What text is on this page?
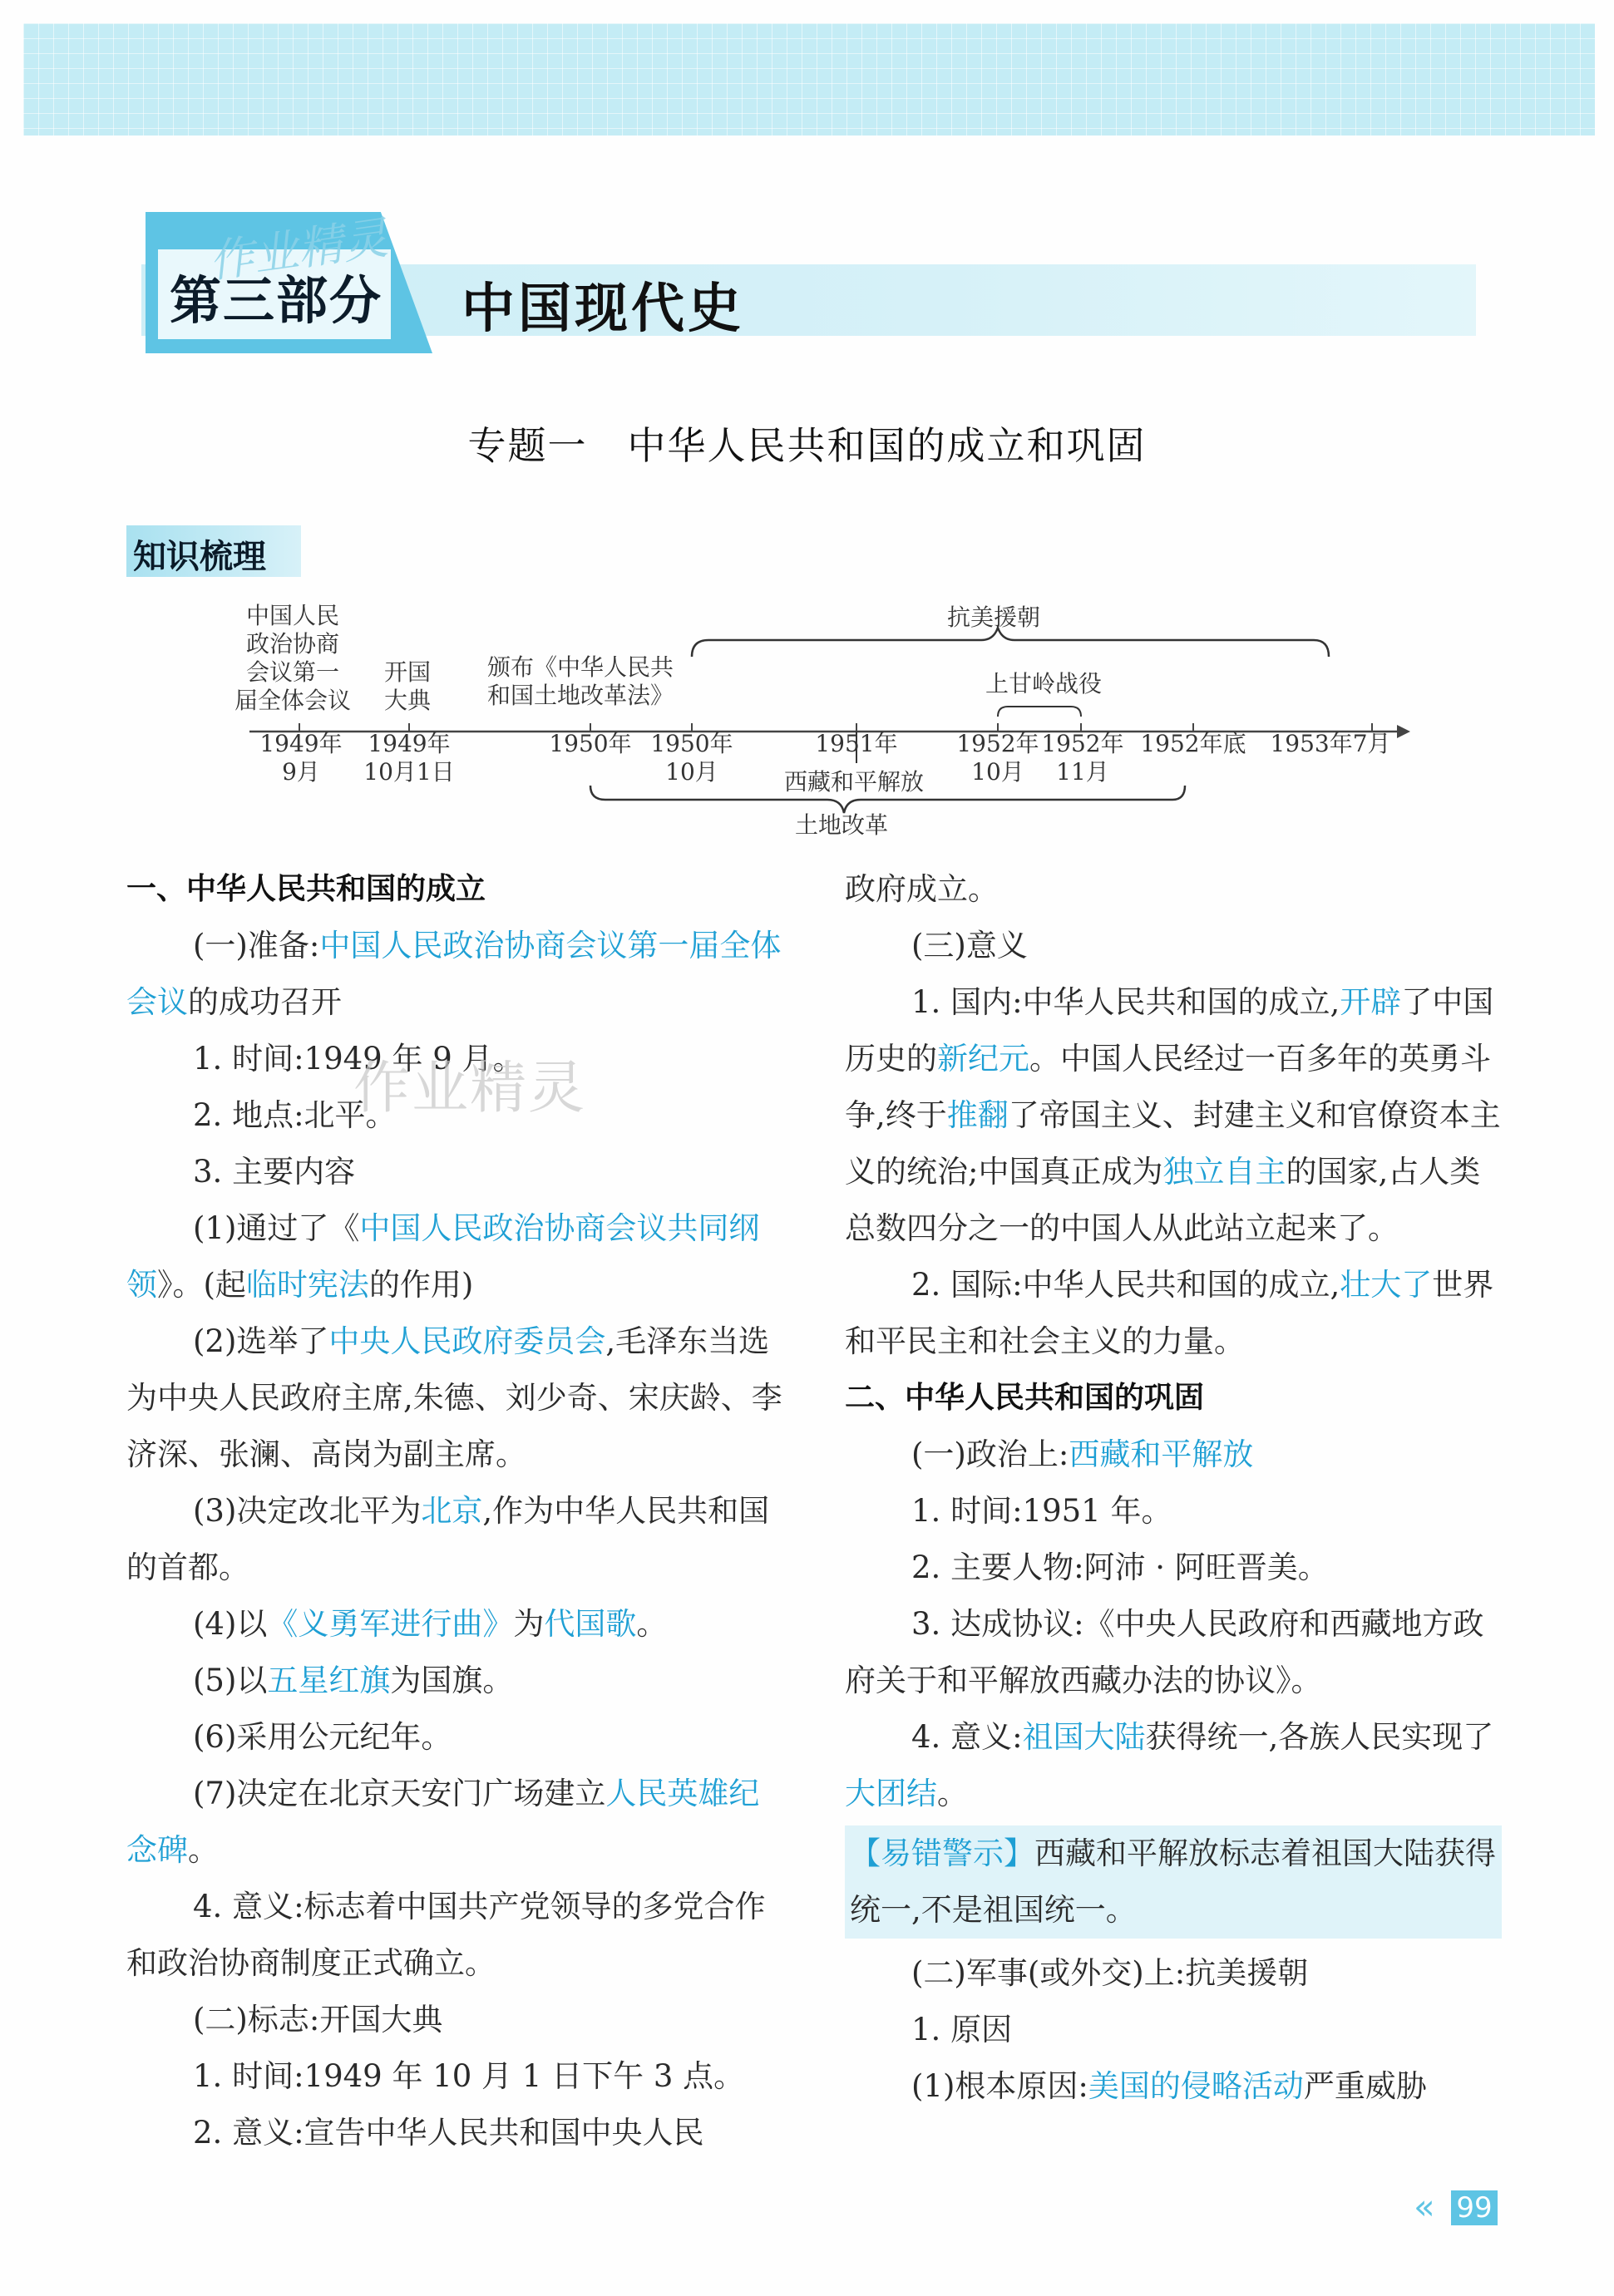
作业精灵
第三部分 中国现代史
专题一　中华人民共和国的成立和巩固
知识梳理
1949年
9月
1949年
10月1日
1950年 1950年
10月
1951年	1952年
10月
1952年
11月
1952年底 1953年7月
中国人民
政治协商
会议第一
届全体会议
开国
大典
颁布《中华人民共
和国土地改革法》
抗美援朝
上甘岭战役
西藏和平解放
土地改革

一、中华人民共和国的成立

(一)准备:中国人民政治协商会议第一届全体会议的成功召开

1. 时间:1949 年 9 月。

2. 地点:北平。

3. 主要内容

(1)通过了《中国人民政治协商会议共同纲领》。(起临时宪法的作用)

(2)选举了中央人民政府委员会,毛泽东当选为中央人民政府主席,朱德、刘少奇、宋庆龄、李济深、张澜、高岗为副主席。

(3)决定改北平为北京,作为中华人民共和国的首都。

(4)以《义勇军进行曲》为代国歌。

(5)以五星红旗为国旗。

(6)采用公元纪年。

(7)决定在北京天安门广场建立人民英雄纪念碑。

4. 意义:标志着中国共产党领导的多党合作和政治协商制度正式确立。

(二)标志:开国大典

1. 时间:1949 年 10 月 1 日下午 3 点。

2. 意义:宣告中华人民共和国中央人民

作业精灵

政府成立。

(三)意义

1. 国内:中华人民共和国的成立,开辟了中国历史的新纪元。中国人民经过一百多年的英勇斗争,终于推翻了帝国主义、封建主义和官僚资本主义的统治;中国真正成为独立自主的国家,占人类总数四分之一的中国人从此站立起来了。

2. 国际:中华人民共和国的成立,壮大了世界和平民主和社会主义的力量。

二、中华人民共和国的巩固

(一)政治上:西藏和平解放

1. 时间:1951 年。

2. 主要人物:阿沛 · 阿旺晋美。

3. 达成协议:《中央人民政府和西藏地方政府关于和平解放西藏办法的协议》。

4. 意义:祖国大陆获得统一,各族人民实现了大团结。

【易错警示】西藏和平解放标志着祖国大陆获得统一,不是祖国统一。

(二)军事(或外交)上:抗美援朝

1. 原因

(1)根本原因:美国的侵略活动严重威胁

« 99
